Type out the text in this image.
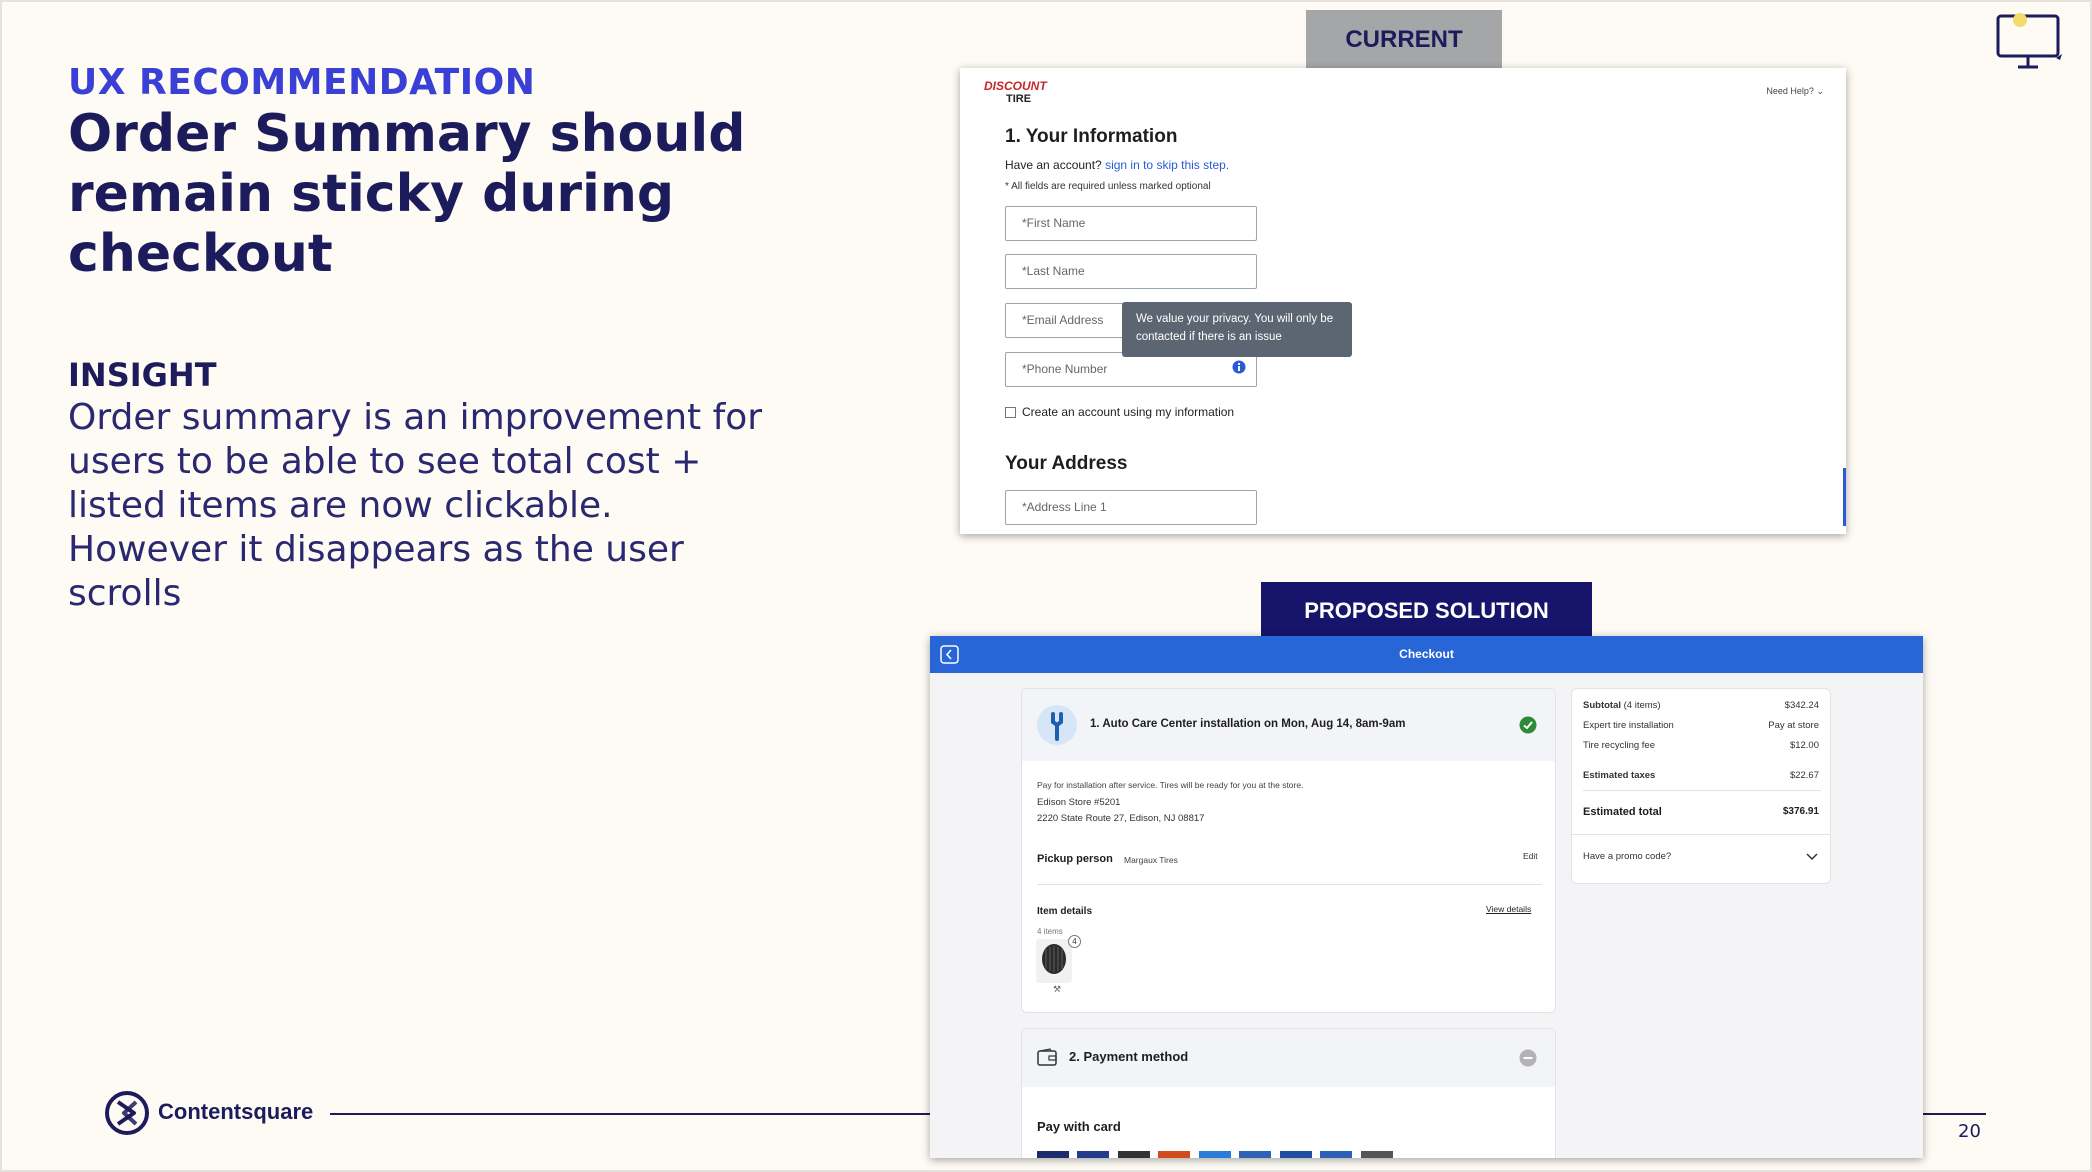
UX RECOMMENDATION
Order Summary should remain sticky during checkout
INSIGHT
Order summary is an improvement for users to be able to see total cost + listed items are now clickable. However it disappears as the user scrolls
Contentsquare
20
CURRENT
DISCOUNT
TIRE
Need Help? ⌄
1. Your Information
Have an account? sign in to skip this step.
* All fields are required unless marked optional
*First Name
*Last Name
*Email Address
*Phone Number
We value your privacy. You will only be contacted if there is an issue
Create an account using my information
Your Address
*Address Line 1
PROPOSED SOLUTION
Checkout
1. Auto Care Center installation on Mon, Aug 14, 8am-9am
Pay for installation after service. Tires will be ready for you at the store.
Edison Store #5201
2220 State Route 27, Edison, NJ 08817
Pickup person Margaux Tires	Edit
Item details	View details
4 items
⚒
4
2. Payment method
Pay with card

Subtotal (4 items)	$342.24
Expert tire installation	Pay at store
Tire recycling fee	$12.00
Estimated taxes	$22.67
Estimated total	$376.91
Have a promo code?
